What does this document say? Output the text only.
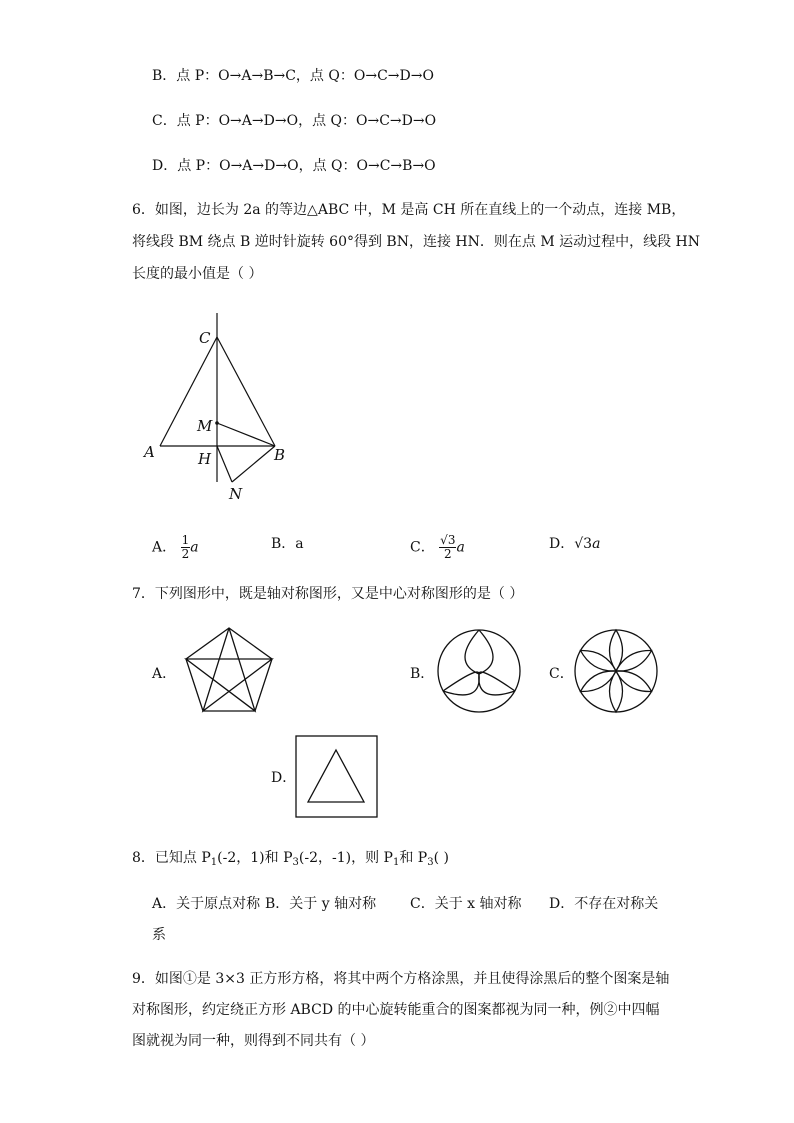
B．点 P：O→A→B→C，点 Q：O→C→D→O
C．点 P：O→A→D→O，点 Q：O→C→D→O
D．点 P：O→A→D→O，点 Q：O→C→B→O
6．如图，边长为 2a 的等边△ABC 中，M 是高 CH 所在直线上的一个动点，连接 MB，
将线段 BM 绕点 B 逆时针旋转 60°得到 BN，连接 HN．则在点 M 运动过程中，线段 HN
长度的最小值是（ ）
C
M
A	H	B
N
A． $\frac{1}{2}$ a	B．a	C． $\frac{√3}{2}$ a	D．√3a
7．下列图形中，既是轴对称图形，又是中心对称图形的是（ ）
A．	B．	C．
D．
8．已知点 $P_1(-2$，1)和 $P_3(-2$，-1)，则 $P_1$和 $P_3$( )
A．关于原点对称 B．关于 y 轴对称 C．关于 x 轴对称 D．不存在对称关
系
9．如图①是 3×3 正方形方格，将其中两个方格涂黑，并且使得涂黑后的整个图案是轴
对称图形，约定绕正方形 ABCD 的中心旋转能重合的图案都视为同一种，例②中四幅
图就视为同一种，则得到不同共有（ ）
